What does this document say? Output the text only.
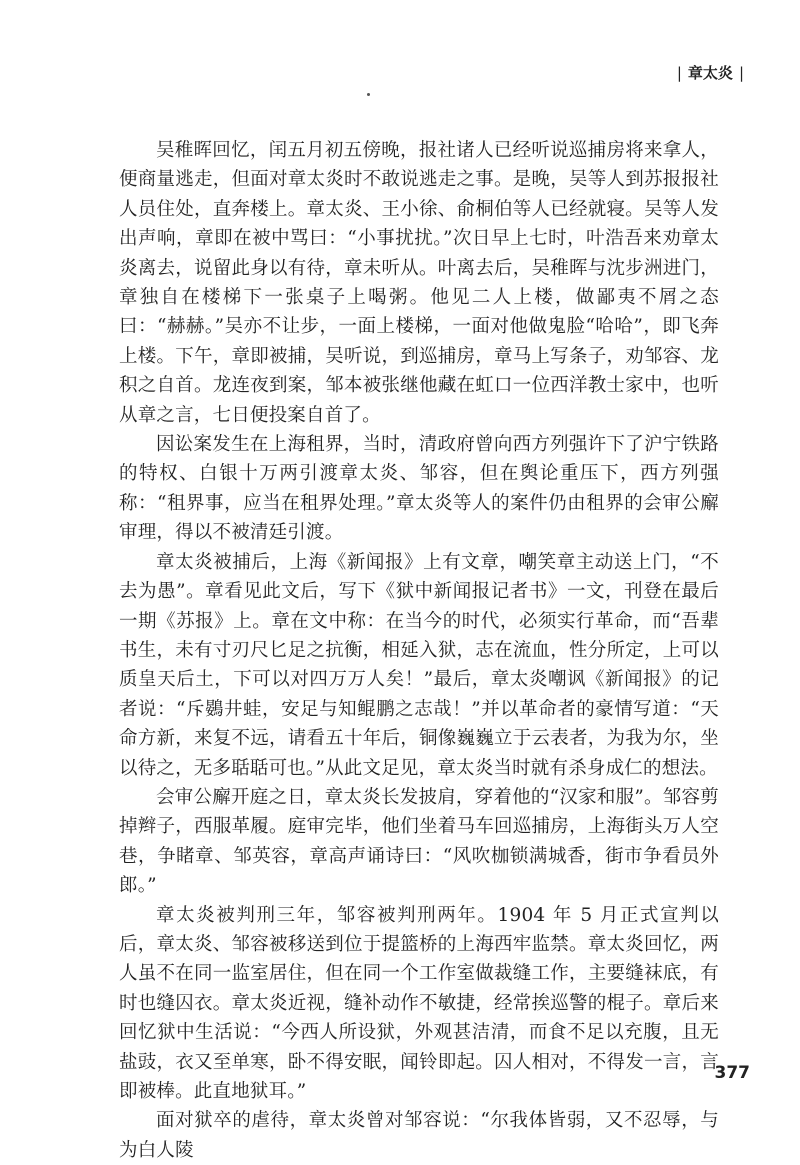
| 章太炎 |

吴稚晖回忆，闰五月初五傍晚，报社诸人已经听说巡捕房将来拿人，便商量逃走，但面对章太炎时不敢说逃走之事。是晚，吴等人到苏报报社人员住处，直奔楼上。章太炎、王小徐、俞桐伯等人已经就寝。吴等人发出声响，章即在被中骂曰：“小事扰扰。”次日早上七时，叶浩吾来劝章太炎离去，说留此身以有待，章未听从。叶离去后，吴稚晖与沈步洲进门，章独自在楼梯下一张桌子上喝粥。他见二人上楼，做鄙夷不屑之态曰：“赫赫。”吴亦不让步，一面上楼梯，一面对他做鬼脸“哈哈”，即飞奔上楼。下午，章即被捕，吴听说，到巡捕房，章马上写条子，劝邹容、龙积之自首。龙连夜到案，邹本被张继他藏在虹口一位西洋教士家中，也听从章之言，七日便投案自首了。

因讼案发生在上海租界，当时，清政府曾向西方列强许下了沪宁铁路的特权、白银十万两引渡章太炎、邹容，但在舆论重压下，西方列强称：“租界事，应当在租界处理。”章太炎等人的案件仍由租界的会审公廨审理，得以不被清廷引渡。

章太炎被捕后，上海《新闻报》上有文章，嘲笑章主动送上门，“不去为愚”。章看见此文后，写下《狱中新闻报记者书》一文，刊登在最后一期《苏报》上。章在文中称：在当今的时代，必须实行革命，而“吾辈书生，未有寸刃尺匕足之抗衡，相延入狱，志在流血，性分所定，上可以质皇天后土，下可以对四万万人矣！”最后，章太炎嘲讽《新闻报》的记者说：“斥鷃井蛙，安足与知鲲鹏之志哉！”并以革命者的豪情写道：“天命方新，来复不远，请看五十年后，铜像巍巍立于云表者，为我为尔，坐以待之，无多聒聒可也。”从此文足见，章太炎当时就有杀身成仁的想法。

会审公廨开庭之日，章太炎长发披肩，穿着他的“汉家和服”。邹容剪掉辫子，西服革履。庭审完毕，他们坐着马车回巡捕房，上海街头万人空巷，争睹章、邹英容，章高声诵诗曰：“风吹枷锁满城香，街市争看员外郎。”

章太炎被判刑三年，邹容被判刑两年。1904 年 5 月正式宣判以后，章太炎、邹容被移送到位于提篮桥的上海西牢监禁。章太炎回忆，两人虽不在同一监室居住，但在同一个工作室做裁缝工作，主要缝袜底，有时也缝囚衣。章太炎近视，缝补动作不敏捷，经常挨巡警的棍子。章后来回忆狱中生活说：“今西人所设狱，外观甚洁清，而食不足以充腹，且无盐豉，衣又至单寒，卧不得安眠，闻铃即起。囚人相对，不得发一言，言即被棒。此直地狱耳。”

面对狱卒的虐待，章太炎曾对邹容说：“尔我体皆弱，又不忍辱，与为白人陵

377
